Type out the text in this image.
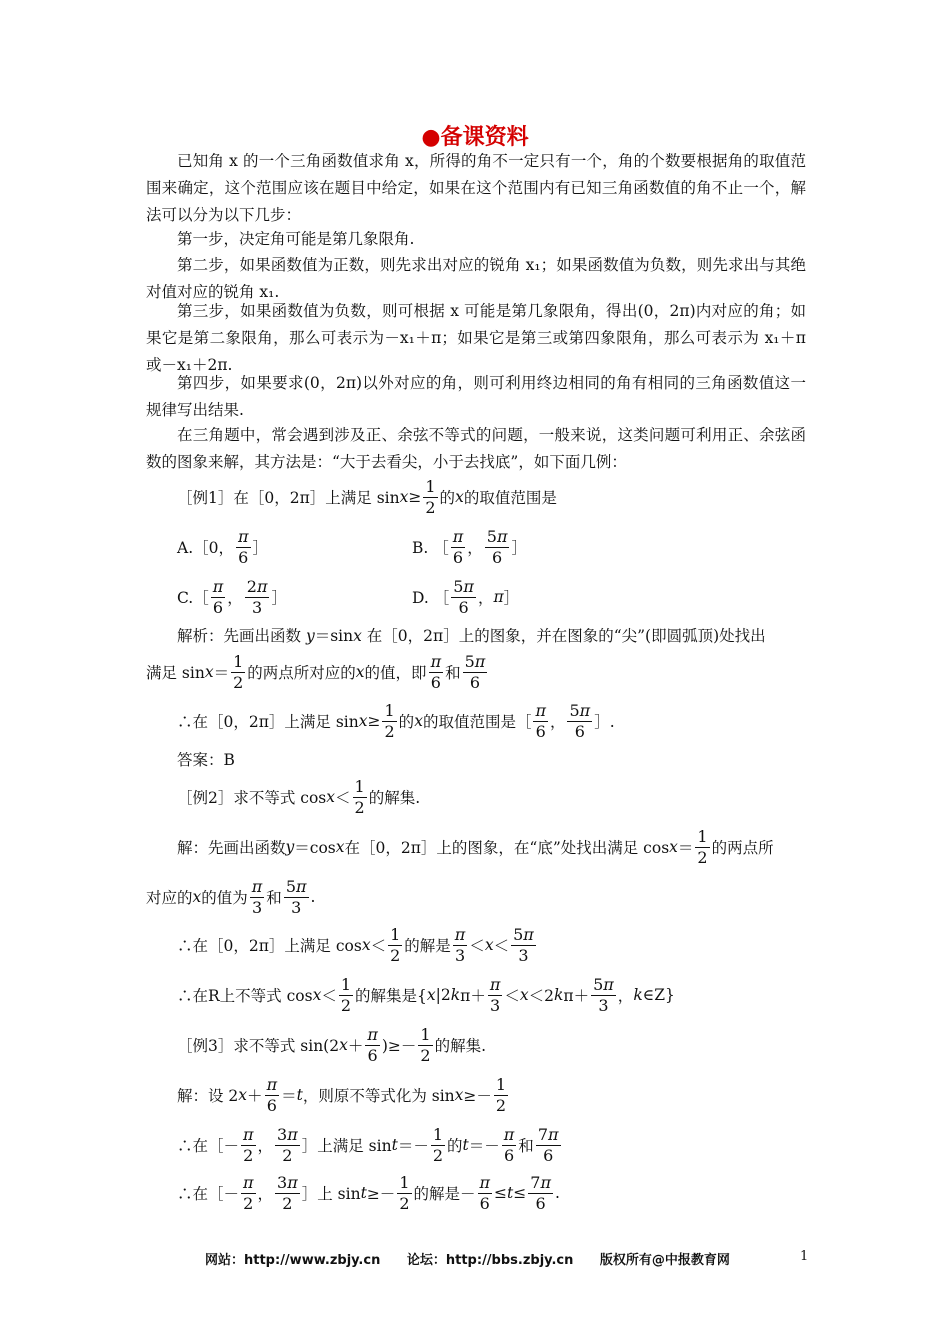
●备课资料
已知角 x 的一个三角函数值求角 x，所得的角不一定只有一个，角的个数要根据角的取值范围来确定，这个范围应该在题目中给定，如果在这个范围内有已知三角函数值的角不止一个，解法可以分为以下几步：
第一步，决定角可能是第几象限角.
第二步，如果函数值为正数，则先求出对应的锐角 x₁；如果函数值为负数，则先求出与其绝对值对应的锐角 x₁.
第三步，如果函数值为负数，则可根据 x 可能是第几象限角，得出(0，2π)内对应的角；如果它是第二象限角，那么可表示为－x₁＋π；如果它是第三或第四象限角，那么可表示为 x₁＋π 或－x₁＋2π.
第四步，如果要求(0，2π)以外对应的角，则可利用终边相同的角有相同的三角函数值这一规律写出结果.
在三角题中，常会遇到涉及正、余弦不等式的问题，一般来说，这类问题可利用正、余弦函数的图象来解，其方法是：“大于去看尖，小于去找底”，如下面几例：
［例1］在［0，2π］上满足 $\sin x \ge \frac{1}{2}$ 的 x 的取值范围是
A.［0， $\frac{\pi}{6}$ ］	B. ［ $\frac{\pi}{6}$ ， $\frac{5\pi}{6}$ ］
C.［ $\frac{\pi}{6}$ ， $\frac{2\pi}{3}$ ］	D. ［ $\frac{5\pi}{6}$ ， π ］
解析：先画出函数 y＝sinx 在［0，2π］上的图象，并在图象的“尖”(即圆弧顶)处找出
满足 $\sin x = \frac{1}{2}$ 的两点所对应的 x 的值，即 $\frac{\pi}{6}$ 和 $\frac{5\pi}{6}$
∴在［0，2π］上满足 $\sin x \ge \frac{1}{2}$ 的 x 的取值范围是［ $\frac{\pi}{6}$ ， $\frac{5\pi}{6}$ ］.
答案：B
［例2］求不等式 $\cos x < \frac{1}{2}$ 的解集.
解：先画出函数 y ＝cos x 在［0，2π］上的图象，在“底”处找出满足 $\cos x = \frac{1}{2}$ 的两点所
对应的 x 的值为 $\frac{\pi}{3}$ 和 $\frac{5\pi}{3}$ .
∴在［0，2π］上满足 $\cos x < \frac{1}{2}$ 的解是 $\frac{\pi}{3} < x < \frac{5\pi}{3}$
∴在R上不等式 $\cos x < \frac{1}{2}$ 的解集是{ x |2 k $\pi+ \frac{\pi}{3} < x <2$ k $\pi+ \frac{5\pi}{3}$ ， k ∈Z}
［例3］求不等式 sin(2 $x + \frac{\pi}{6}$ )≥－ $\frac{1}{2}$ 的解集.
解：设 2 $x + \frac{\pi}{6} = t$ ，则原不等式化为 $\sin x \ge- \frac{1}{2}$
∴在［－ $\frac{\pi}{2}$ ， $\frac{3\pi}{2}$ ］上满足 $\sin t =- \frac{1}{2}$ 的 $t =- \frac{\pi}{6}$ 和 $\frac{7\pi}{6}$
∴在［－ $\frac{\pi}{2}$ ， $\frac{3\pi}{2}$ ］上 $\sin t \ge- \frac{1}{2}$ 的解是－ $\frac{\pi}{6} \le t \le \frac{7\pi}{6}$ .
网站：http://www.zbjy.cn 论坛：http://bbs.zbjy.cn 版权所有@中报教育网	1
